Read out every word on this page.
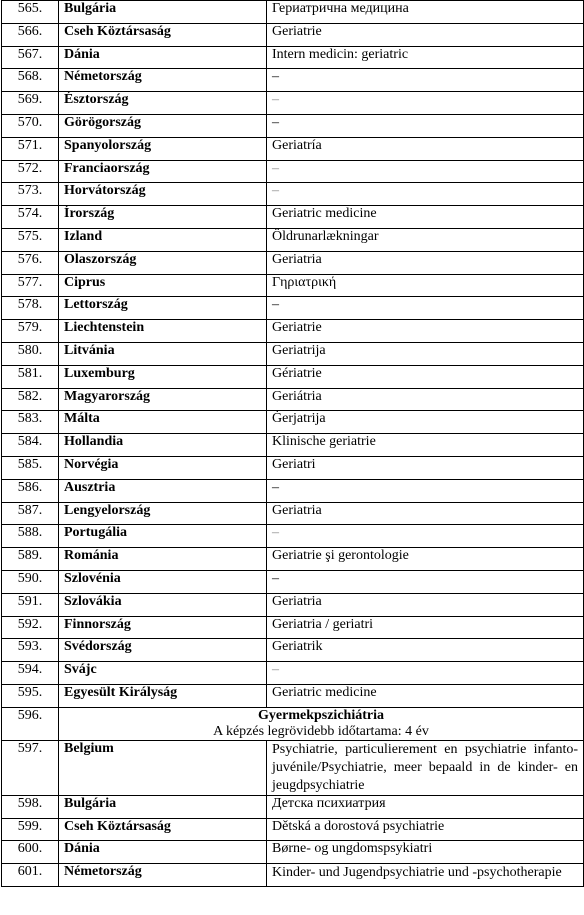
565.	Bulgária	Гериатрична медицина
566.	Cseh Köztársaság	Geriatrie
567.	Dánia	Intern medicin: geriatric
568.	Németország	–
569.	Észtország	–
570.	Görögország	–
571.	Spanyolország	Geriatría
572.	Franciaország	–
573.	Horvátország	–
574.	Írország	Geriatric medicine
575.	Izland	Öldrunarlækningar
576.	Olaszország	Geriatria
577.	Ciprus	Γηριατρική
578.	Lettország	–
579.	Liechtenstein	Geriatrie
580.	Litvánia	Geriatrija
581.	Luxemburg	Gériatrie
582.	Magyarország	Geriátria
583.	Málta	Ġerjatrija
584.	Hollandia	Klinische geriatrie
585.	Norvégia	Geriatri
586.	Ausztria	–
587.	Lengyelország	Geriatria
588.	Portugália	–
589.	Románia	Geriatrie şi gerontologie
590.	Szlovénia	–
591.	Szlovákia	Geriatria
592.	Finnország	Geriatria / geriatri
593.	Svédország	Geriatrik
594.	Svájc	–
595.	Egyesült Királyság	Geriatric medicine
596.	Gyermekpszichiátria
A képzés legrövidebb időtartama: 4 év	

597.	Belgium	Psychiatrie, particulierement en psychiatrie infanto-juvénile/Psychiatrie, meer bepaald in de kinder- en jeugdpsychiatrie
598.	Bulgária	Детска психиатрия
599.	Cseh Köztársaság	Dětská a dorostová psychiatrie
600.	Dánia	Børne- og ungdomspsykiatri
601.	Németország	Kinder- und Jugendpsychiatrie und -psychotherapie
